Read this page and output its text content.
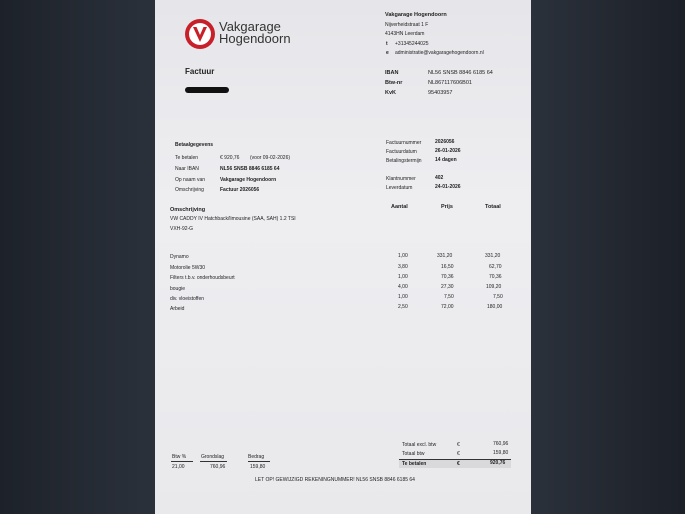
Vakgarage
Hogendoorn
Vakgarage Hogendoorn
Nijverheidstraat 1 F
4143HN Leerdam
t +31345244025
e administratie@vakgaragehogendoorn.nl
IBAN	NL56 SNSB 8846 6185 64
Btw-nr	NL867117606B01
KvK	95403957
Factuur
Betaalgegevens
Te betalen	€ 920,76 (voor 09-02-2026)
Naar IBAN	NL56 SNSB 8846 6185 64
Op naam van	Vakgarage Hogendoorn
Omschrijving	Factuur 2026056
Factuurnummer	2026056
Factuurdatum	26-01-2026
Betalingstermijn	14 dagen
Klantnummer	402
Leverdatum	24-01-2026
Omschrijving	Aantal	Prijs	Totaal
VW CADDY IV Hatchback/limousine (SAA, SAH) 1.2 TSI
VXH-92-G
Dynamo	1,00	331,20	331,20
Motorolie 5W30	3,80	16,50	62,70
Filters t.b.v. onderhoudsbeurt	1,00	70,36	70,36
bougie	4,00	27,30	109,20
div. vloeistoffen	1,00	7,50	7,50
Arbeid	2,50	72,00	180,00
Totaal excl. btw	€	760,96
Totaal btw	€	159,80
Te betalen	€	920,76
Btw %	Grondslag	Bedrag
21,00	760,96	159,80
LET OP! GEWIJZIGD REKENINGNUMMER! NL56 SNSB 8846 6185 64
